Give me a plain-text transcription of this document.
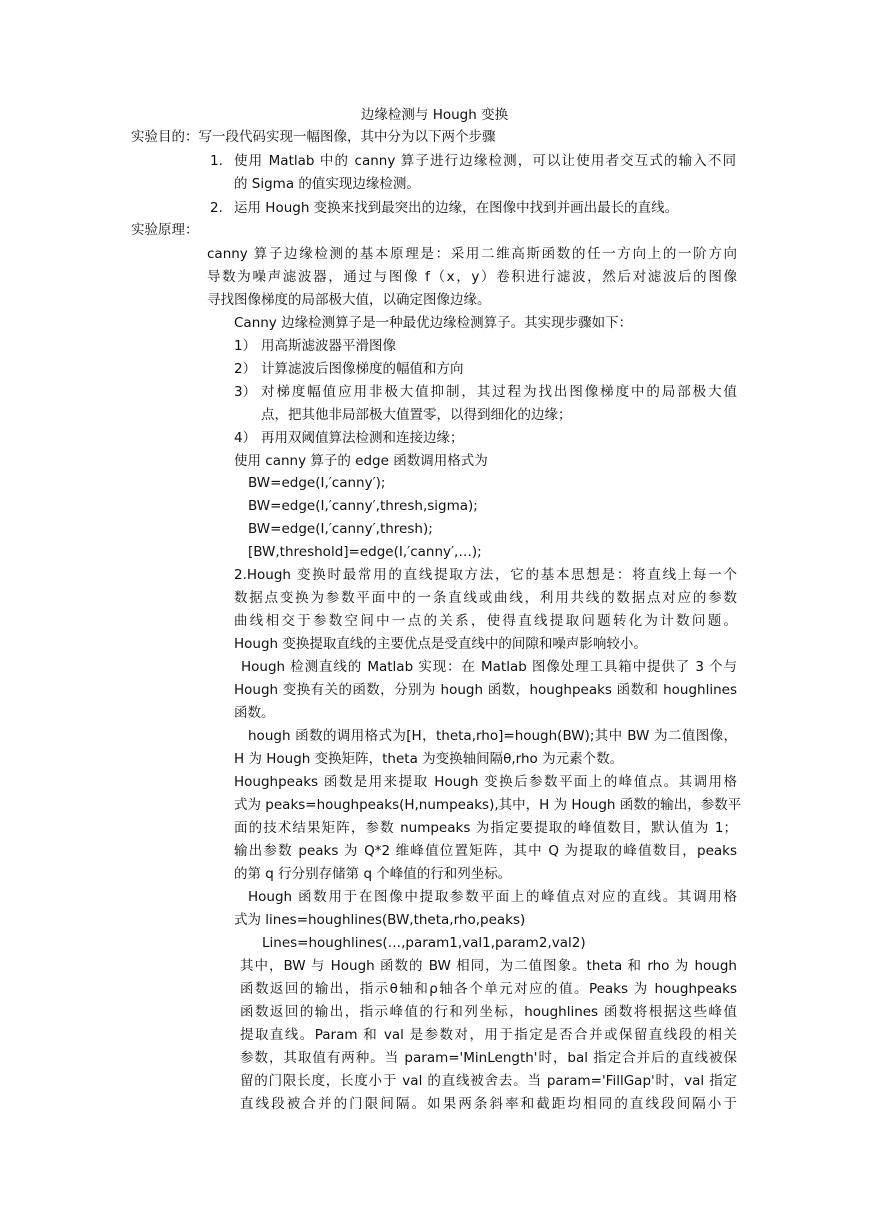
边缘检测与 Hough 变换
实验目的：写一段代码实现一幅图像，其中分为以下两个步骤
1. 使用 Matlab 中的 canny 算子进行边缘检测，可以让使用者交互式的输入不同
的 Sigma 的值实现边缘检测。
2. 运用 Hough 变换来找到最突出的边缘，在图像中找到并画出最长的直线。
实验原理：
canny 算子边缘检测的基本原理是：采用二维高斯函数的任一方向上的一阶方向
导数为噪声滤波器，通过与图像 f（x，y）卷积进行滤波，然后对滤波后的图像
寻找图像梯度的局部极大值，以确定图像边缘。
Canny 边缘检测算子是一种最优边缘检测算子。其实现步骤如下：
1） 用高斯滤波器平滑图像
2） 计算滤波后图像梯度的幅值和方向
3） 对梯度幅值应用非极大值抑制，其过程为找出图像梯度中的局部极大值
点，把其他非局部极大值置零，以得到细化的边缘；
4） 再用双阈值算法检测和连接边缘；
使用 canny 算子的 edge 函数调用格式为
BW=edge(I,′canny′);
BW=edge(I,′canny′,thresh,sigma);
BW=edge(I,′canny′,thresh);
[BW,threshold]=edge(I,′canny′,…);
2.Hough 变换时最常用的直线提取方法，它的基本思想是：将直线上每一个
数据点变换为参数平面中的一条直线或曲线，利用共线的数据点对应的参数
曲线相交于参数空间中一点的关系，使得直线提取问题转化为计数问题。
Hough 变换提取直线的主要优点是受直线中的间隙和噪声影响较小。
Hough 检测直线的 Matlab 实现：在 Matlab 图像处理工具箱中提供了 3 个与
Hough 变换有关的函数，分别为 hough 函数，houghpeaks 函数和 houghlines
函数。
hough 函数的调用格式为[H，theta,rho]=hough(BW);其中 BW 为二值图像，
H 为 Hough 变换矩阵，theta 为变换轴间隔θ,rho 为元素个数。
Houghpeaks 函数是用来提取 Hough 变换后参数平面上的峰值点。其调用格
式为 peaks=houghpeaks(H,numpeaks),其中，H 为 Hough 函数的输出，参数平
面的技术结果矩阵，参数 numpeaks 为指定要提取的峰值数目，默认值为 1；
输出参数 peaks 为 Q*2 维峰值位置矩阵，其中 Q 为提取的峰值数目，peaks
的第 q 行分别存储第 q 个峰值的行和列坐标。
Hough 函数用于在图像中提取参数平面上的峰值点对应的直线。其调用格
式为 lines=houghlines(BW,theta,rho,peaks)
Lines=houghlines(…,param1,val1,param2,val2)
其中，BW 与 Hough 函数的 BW 相同，为二值图象。theta 和 rho 为 hough
函数返回的输出，指示θ轴和ρ轴各个单元对应的值。Peaks 为 houghpeaks
函数返回的输出，指示峰值的行和列坐标，houghlines 函数将根据这些峰值
提取直线。Param 和 val 是参数对，用于指定是否合并或保留直线段的相关
参数，其取值有两种。当 param='MinLength'时，bal 指定合并后的直线被保
留的门限长度，长度小于 val 的直线被舍去。当 param='FillGap'时，val 指定
直线段被合并的门限间隔。如果两条斜率和截距均相同的直线段间隔小于
